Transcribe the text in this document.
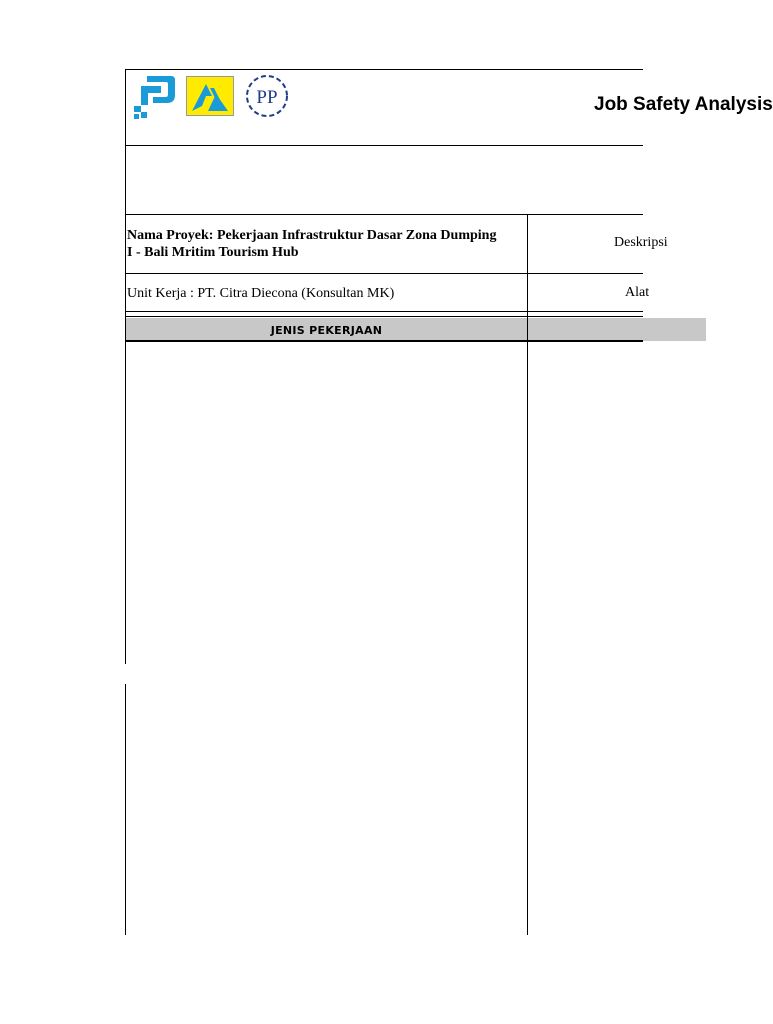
PP	Job Safety Analysis
Nama Proyek: Pekerjaan Infrastruktur Dasar Zona Dumping
I - Bali Mritim Tourism Hub
Unit Kerja : PT. Citra Diecona (Konsultan MK)
Deskripsi
Alat
JENIS PEKERJAAN
